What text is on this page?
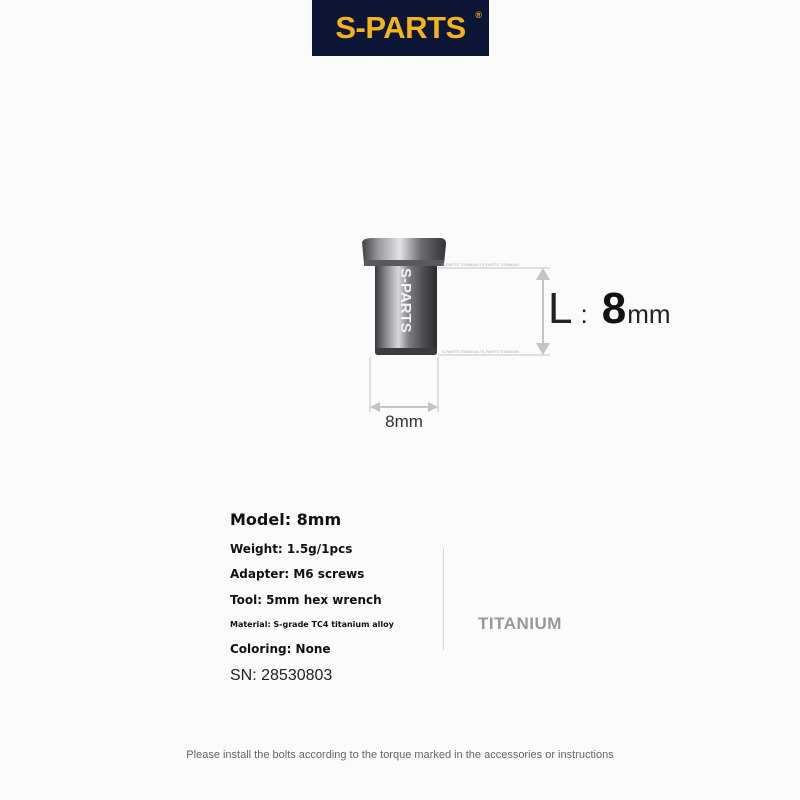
S-PARTS ®
S-PARTS
S-PARTS TITANIUM / S-PARTS TITANIUM
S-PARTS TITANIUM / S-PARTS TITANIUM
L : 8 mm
8mm
Model: 8mm
Weight: 1.5g/1pcs
Adapter: M6 screws
Tool: 5mm hex wrench
Material: S-grade TC4 titanium alloy
Coloring: None
SN: 28530803
TITANIUM
Please install the bolts according to the torque marked in the accessories or instructions
